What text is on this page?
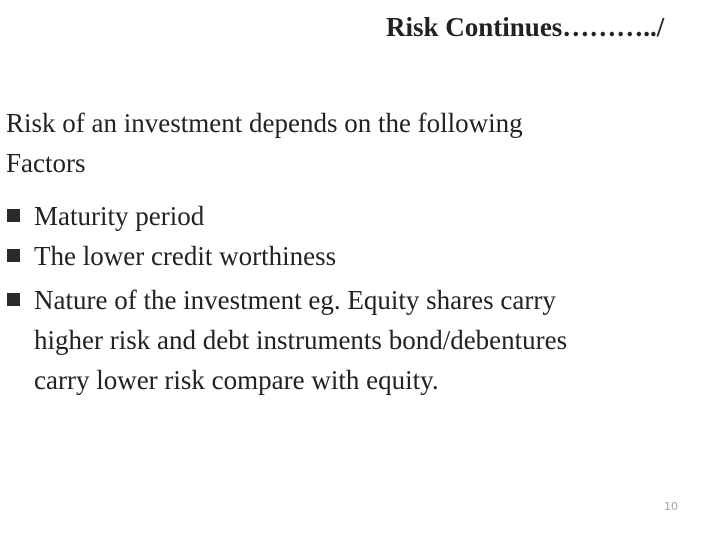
Risk Continues………../
Risk of an investment depends on the following
Factors
Maturity period
The lower credit worthiness
Nature of the investment eg. Equity shares carry
higher risk and debt instruments bond/debentures
carry lower risk compare with equity.
10
